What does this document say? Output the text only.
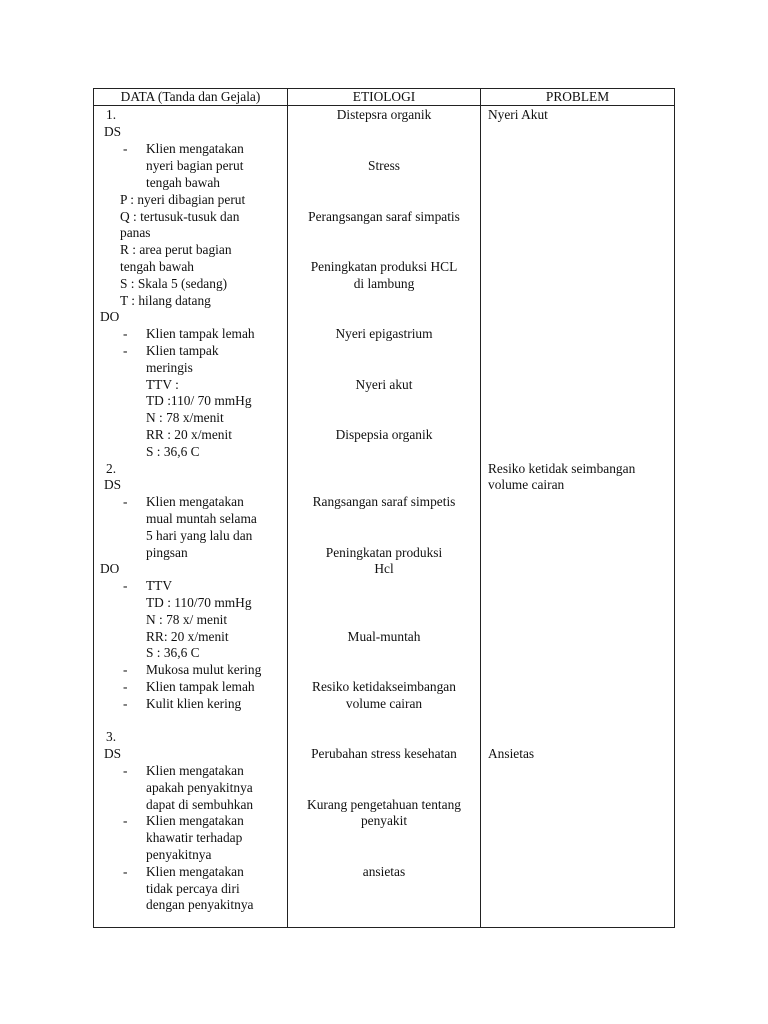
DATA (Tanda dan Gejala)	ETIOLOGI	PROBLEM
1.
DS
- Klien mengatakan
nyeri bagian perut
tengah bawah
P : nyeri dibagian perut
Q : tertusuk-tusuk dan
panas
R : area perut bagian
tengah bawah
S : Skala 5 (sedang)
T : hilang datang
DO
- Klien tampak lemah
- Klien tampak
meringis
TTV :
TD :110/ 70 mmHg
N : 78 x/menit
RR : 20 x/menit
S : 36,6 C
2.
DS
- Klien mengatakan
mual muntah selama
5 hari yang lalu dan
pingsan
DO
- TTV
TD : 110/70 mmHg
N : 78 x/ menit
RR: 20 x/menit
S : 36,6 C
- Mukosa mulut kering
- Klien tampak lemah
- Kulit klien kering
3.
DS
- Klien mengatakan
apakah penyakitnya
dapat di sembuhkan
- Klien mengatakan
khawatir terhadap
penyakitnya
- Klien mengatakan
tidak percaya diri
dengan penyakitnya
Distepsra organik
Stress
Perangsangan saraf simpatis
Peningkatan produksi HCL
di lambung
Nyeri epigastrium
Nyeri akut
Dispepsia organik
Rangsangan saraf simpetis
Peningkatan produksi
Hcl
Mual-muntah
Resiko ketidakseimbangan
volume cairan
Perubahan stress kesehatan
Kurang pengetahuan tentang
penyakit
ansietas
Nyeri Akut
Resiko ketidak seimbangan
volume cairan
Ansietas
